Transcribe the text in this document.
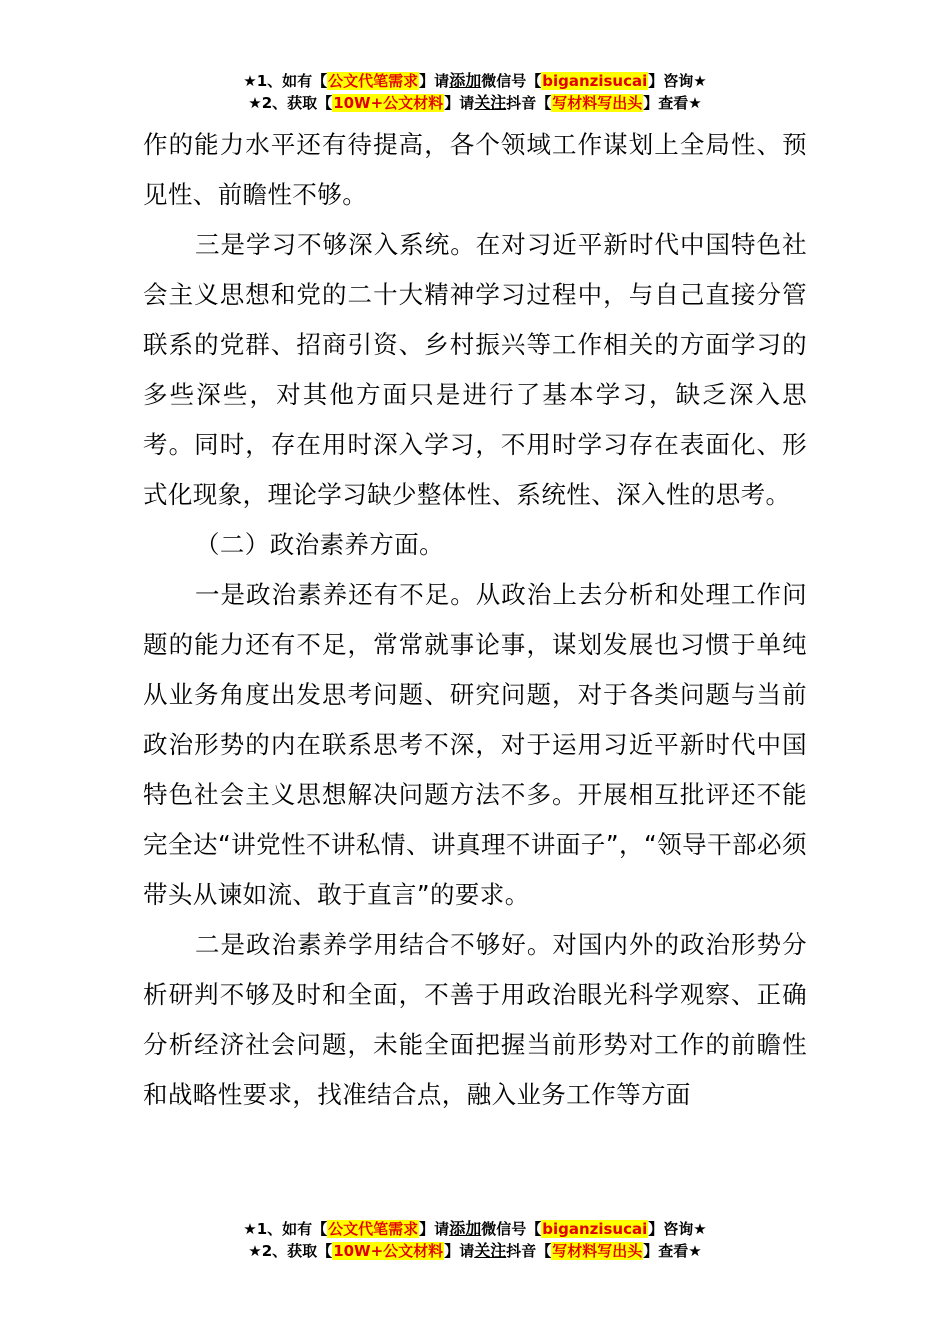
★1、如有【公文代笔需求】请添加微信号【biganzisucai】咨询★
★2、获取【10W+公文材料】请关注抖音【写材料写出头】查看★

作的能力水平还有待提高，各个领域工作谋划上全局性、预见性、前瞻性不够。

三是学习不够深入系统。在对习近平新时代中国特色社会主义思想和党的二十大精神学习过程中，与自己直接分管联系的党群、招商引资、乡村振兴等工作相关的方面学习的多些深些，对其他方面只是进行了基本学习，缺乏深入思考。同时，存在用时深入学习，不用时学习存在表面化、形式化现象，理论学习缺少整体性、系统性、深入性的思考。

（二）政治素养方面。

一是政治素养还有不足。从政治上去分析和处理工作问题的能力还有不足，常常就事论事，谋划发展也习惯于单纯从业务角度出发思考问题、研究问题，对于各类问题与当前政治形势的内在联系思考不深，对于运用习近平新时代中国特色社会主义思想解决问题方法不多。开展相互批评还不能完全达“讲党性不讲私情、讲真理不讲面子”，“领导干部必须带头从谏如流、敢于直言”的要求。

二是政治素养学用结合不够好。对国内外的政治形势分析研判不够及时和全面，不善于用政治眼光科学观察、正确分析经济社会问题，未能全面把握当前形势对工作的前瞻性和战略性要求，找准结合点，融入业务工作等方面

★1、如有【公文代笔需求】请添加微信号【biganzisucai】咨询★
★2、获取【10W+公文材料】请关注抖音【写材料写出头】查看★
